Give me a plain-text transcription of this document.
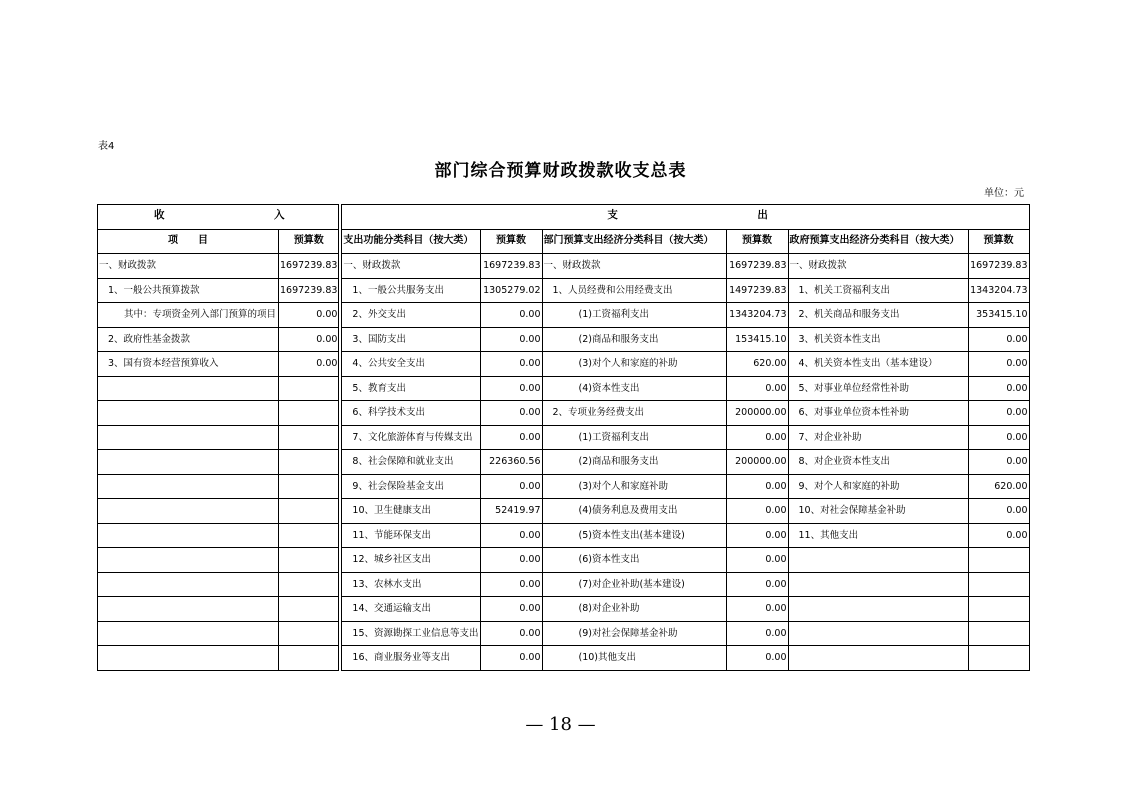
表4
部门综合预算财政拨款收支总表
单位：元
收 入			支 出					

项　　目	预算数		支出功能分类科目（按大类）	预算数	部门预算支出经济分类科目（按大类）	预算数	政府预算支出经济分类科目（按大类）	预算数
一、财政拨款	1697239.83		一、财政拨款	1697239.83	一、财政拨款	1697239.83	一、财政拨款	1697239.83
1、一般公共预算拨款	1697239.83		1、一般公共服务支出	1305279.02	1、人员经费和公用经费支出	1497239.83	1、机关工资福利支出	1343204.73
其中：专项资金列入部门预算的项目	0.00		2、外交支出	0.00	(1)工资福利支出	1343204.73	2、机关商品和服务支出	353415.10
2、政府性基金拨款	0.00		3、国防支出	0.00	(2)商品和服务支出	153415.10	3、机关资本性支出	0.00
3、国有资本经营预算收入	0.00		4、公共安全支出	0.00	(3)对个人和家庭的补助	620.00	4、机关资本性支出（基本建设）	0.00
			5、教育支出	0.00	(4)资本性支出	0.00	5、对事业单位经常性补助	0.00
			6、科学技术支出	0.00	2、专项业务经费支出	200000.00	6、对事业单位资本性补助	0.00
			7、文化旅游体育与传媒支出	0.00	(1)工资福利支出	0.00	7、对企业补助	0.00
			8、社会保障和就业支出	226360.56	(2)商品和服务支出	200000.00	8、对企业资本性支出	0.00
			9、社会保险基金支出	0.00	(3)对个人和家庭补助	0.00	9、对个人和家庭的补助	620.00
			10、卫生健康支出	52419.97	(4)债务利息及费用支出	0.00	10、对社会保障基金补助	0.00
			11、节能环保支出	0.00	(5)资本性支出(基本建设)	0.00	11、其他支出	0.00
			12、城乡社区支出	0.00	(6)资本性支出	0.00		
			13、农林水支出	0.00	(7)对企业补助(基本建设)	0.00		
			14、交通运输支出	0.00	(8)对企业补助	0.00		
			15、资源勘探工业信息等支出	0.00	(9)对社会保障基金补助	0.00		
			16、商业服务业等支出	0.00	(10)其他支出	0.00		
— 18 —
